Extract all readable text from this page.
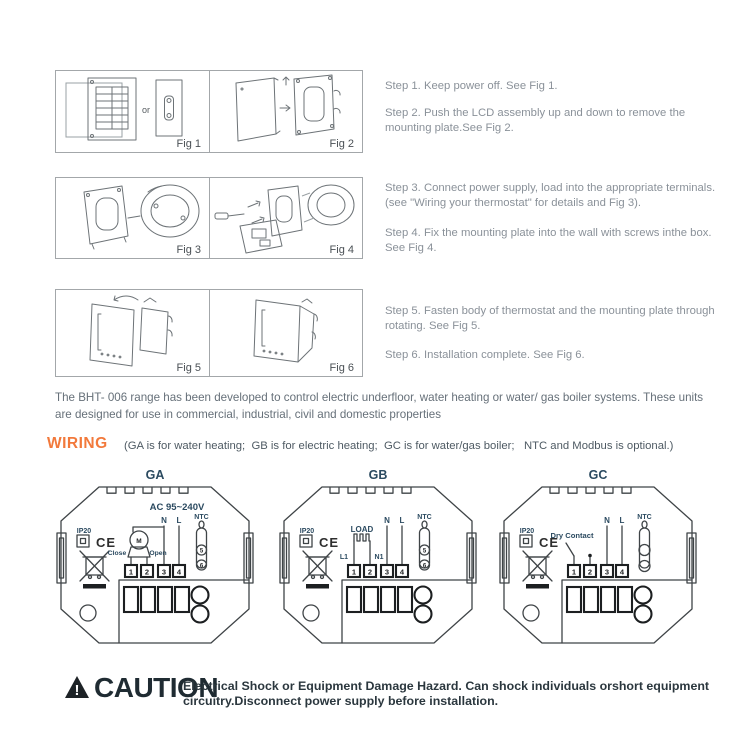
or
Fig 1	Fig 2
Fig 3	Fig 4
Fig 5	Fig 6
Step 1. Keep power off. See Fig 1.
Step 2. Push the LCD assembly up and down to remove the mounting plate.See Fig 2.
Step 3. Connect power supply, load into the appropriate terminals. (see "Wiring your thermostat" for details and Fig 3).
Step 4. Fix the mounting plate into the wall with screws inthe box. See Fig 4.
Step 5. Fasten body of thermostat and the mounting plate through rotating. See Fig 5.
Step 6. Installation complete. See Fig 6.
The BHT- 006 range has been developed to control electric underfloor, water heating or water/ gas boiler systems. These units are designed for use in commercial, industrial, civil and domestic properties
WIRING (GA is for water heating;  GB is for electric heating;  GC is for water/gas boiler;   NTC and Modbus is optional.)
GA
IP20
CE
AC 95~240V
N L
M
Close	Open
1 2 3 4
NTC
5
6
GB
IP20
CE
N L
LOAD
L1	N1
1 2 3 4
NTC
5
6
GC
IP20
CE
N L
Dry Contact
1 2 3 4
NTC
! CAUTION
Electrical Shock or Equipment Damage Hazard. Can shock individuals orshort equipment circuitry.Disconnect power supply before installation.
